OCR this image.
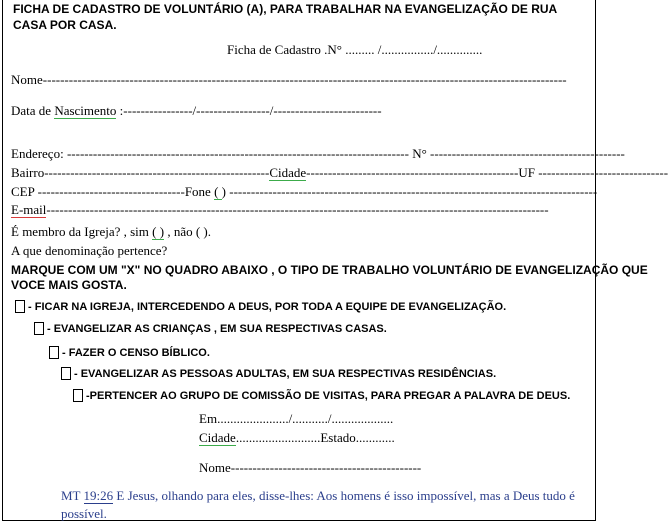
FICHA DE CADASTRO DE VOLUNTÁRIO (A), PARA TRABALHAR NA EVANGELIZAÇÃO DE RUA
CASA POR CASA.
Ficha de Cadastro .N° ......... /................/..............
Nome-------------------------------------------------------------------------------------------------------------------------
Data de Nascimento :----------------/-----------------/-------------------------
Endereço: ------------------------------------------------------------------------------- N° ---------------------------------------------
Bairro----------------------------------------------------Cidade-------------------------------------------------UF ------------------------------
CEP ----------------------------------Fone ( ) -------------------------------------------------------------------------------------
E-mail--------------------------------------------------------------------------------------------------------------------
É membro da Igreja? , sim ( ) , não ( ).
A que denominação pertence?
MARQUE COM UM "X" NO QUADRO ABAIXO , O TIPO DE TRABALHO VOLUNTÁRIO DE EVANGELIZAÇÃO QUE
VOCE MAIS GOSTA.
- FICAR NA IGREJA, INTERCEDENDO A DEUS, POR TODA A EQUIPE DE EVANGELIZAÇÃO.
- EVANGELIZAR AS CRIANÇAS , EM SUA RESPECTIVAS CASAS.
- FAZER O CENSO BÍBLICO.
- EVANGELIZAR AS PESSOAS ADULTAS, EM SUA RESPECTIVAS RESIDÊNCIAS.
-PERTENCER AO GRUPO DE COMISSÃO DE VISITAS, PARA PREGAR A PALAVRA DE DEUS.
Em....................../.........../...................
Cidade..........................Estado............
Nome--------------------------------------------
MT 19:26 E Jesus, olhando para eles, disse-lhes: Aos homens é isso impossível, mas a Deus tudo é
possível.
